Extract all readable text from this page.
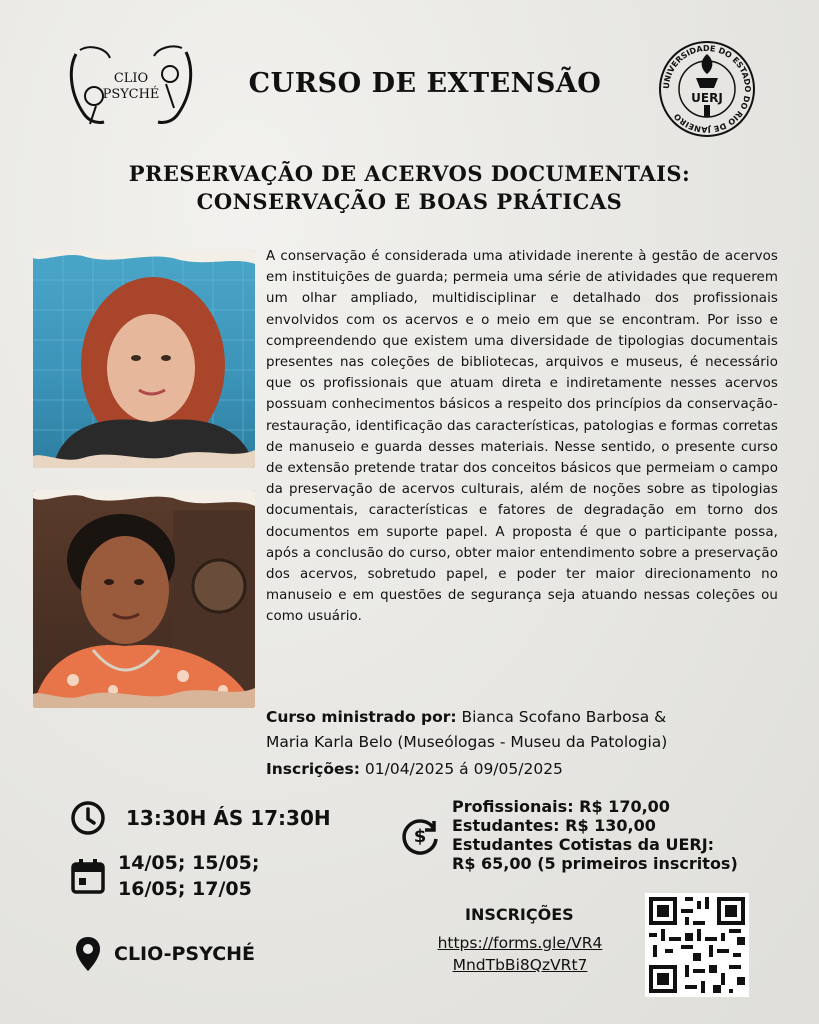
CLIO
PSYCHÉ	CURSO DE EXTENSÃO	UNIVERSIDADE DO ESTADO DO RIO DE JANEIRO
UERJ
PRESERVAÇÃO DE ACERVOS DOCUMENTAIS:
CONSERVAÇÃO E BOAS PRÁTICAS
A conservação é considerada uma atividade inerente à gestão de acervos em instituições de guarda; permeia uma série de atividades que requerem um olhar ampliado, multidisciplinar e detalhado dos profissionais envolvidos com os acervos e o meio em que se encontram. Por isso e compreendendo que existem uma diversidade de tipologias documentais presentes nas coleções de bibliotecas, arquivos e museus, é necessário que os profissionais que atuam direta e indiretamente nesses acervos possuam conhecimentos básicos a respeito dos princípios da conservação-restauração, identificação das características, patologias e formas corretas de manuseio e guarda desses materiais. Nesse sentido, o presente curso de extensão pretende tratar dos conceitos básicos que permeiam o campo da preservação de acervos culturais, além de noções sobre as tipologias documentais, características e fatores de degradação em torno dos documentos em suporte papel. A proposta é que o participante possa, após a conclusão do curso, obter maior entendimento sobre a preservação dos acervos, sobretudo papel, e poder ter maior direcionamento no manuseio e em questões de segurança seja atuando nessas coleções ou como usuário.
Curso ministrado por: Bianca Scofano Barbosa &
Maria Karla Belo (Museólogas - Museu da Patologia)
Inscrições: 01/04/2025 á 09/05/2025
13:30H ÁS 17:30H
14/05; 15/05;
16/05; 17/05
CLIO-PSYCHÉ
$
Profissionais: R$ 170,00
Estudantes: R$ 130,00
Estudantes Cotistas da UERJ:
R$ 65,00 (5 primeiros inscritos)
INSCRIÇÕES
https://forms.gle/VR4
MndTbBi8QzVRt7
